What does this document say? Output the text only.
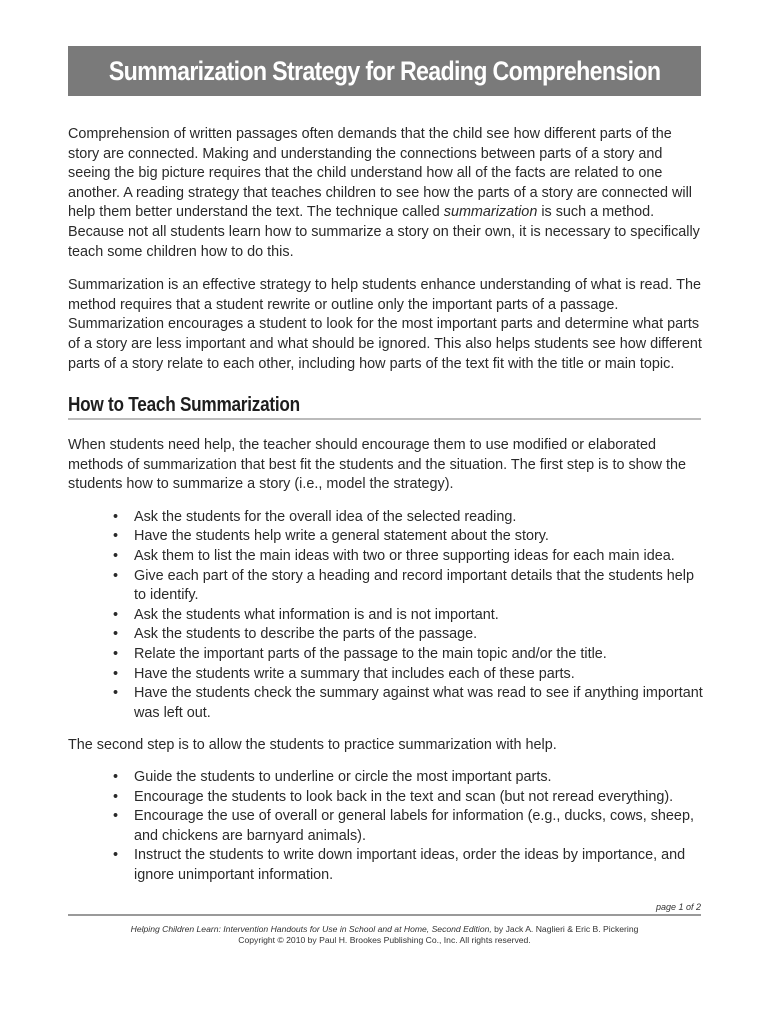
Summarization Strategy for Reading Comprehension

Comprehension of written passages often demands that the child see how different parts of the story are connected. Making and understanding the connections between parts of a story and seeing the big picture requires that the child understand how all of the facts are related to one another. A reading strategy that teaches children to see how the parts of a story are connected will help them better understand the text. The technique called summarization is such a method. Because not all students learn how to summarize a story on their own, it is necessary to specifically teach some children how to do this.

Summarization is an effective strategy to help students enhance understanding of what is read. The method requires that a student rewrite or outline only the important parts of a passage. Summarization encourages a student to look for the most important parts and determine what parts of a story are less important and what should be ignored. This also helps students see how different parts of a story relate to each other, including how parts of the text fit with the title or main topic.

How to Teach Summarization

When students need help, the teacher should encourage them to use modified or elaborated methods of summarization that best fit the students and the situation. The first step is to show the students how to summarize a story (i.e., model the strategy).

• Ask the students for the overall idea of the selected reading.
• Have the students help write a general statement about the story.
• Ask them to list the main ideas with two or three supporting ideas for each main idea.
• Give each part of the story a heading and record important details that the students help to identify.
• Ask the students what information is and is not important.
• Ask the students to describe the parts of the passage.
• Relate the important parts of the passage to the main topic and/or the title.
• Have the students write a summary that includes each of these parts.
• Have the students check the summary against what was read to see if anything important was left out.

The second step is to allow the students to practice summarization with help.

• Guide the students to underline or circle the most important parts.
• Encourage the students to look back in the text and scan (but not reread everything).
• Encourage the use of overall or general labels for information (e.g., ducks, cows, sheep, and chickens are barnyard animals).
• Instruct the students to write down important ideas, order the ideas by importance, and ignore unimportant information.
page 1 of 2
Helping Children Learn: Intervention Handouts for Use in School and at Home, Second Edition, by Jack A. Naglieri & Eric B. Pickering
Copyright © 2010 by Paul H. Brookes Publishing Co., Inc. All rights reserved.
